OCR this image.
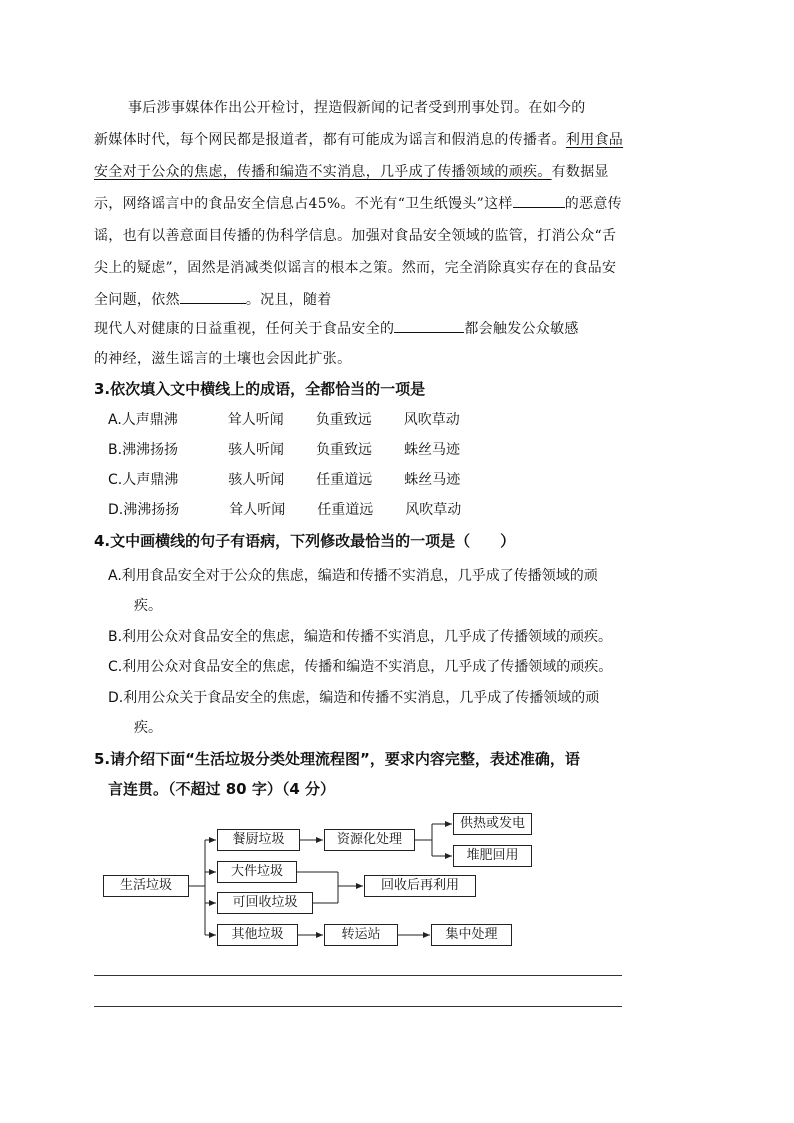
事后涉事媒体作出公开检讨，捏造假新闻的记者受到刑事处罚。在如今的
新媒体时代，每个网民都是报道者，都有可能成为谣言和假消息的传播者。利用食品
安全对于公众的焦虑，传播和编造不实消息，几乎成了传播领域的顽疾。有数据显
示，网络谣言中的食品安全信息占45%。不光有“卫生纸馒头”这样	的恶意传
谣，也有以善意面目传播的伪科学信息。加强对食品安全领域的监管，打消公众“舌
尖上的疑虑”，固然是消减类似谣言的根本之策。然而，完全消除真实存在的食品安
全问题，依然	。况且，随着
现代人对健康的日益重视，任何关于食品安全的	都会触发公众敏感
的神经，滋生谣言的土壤也会因此扩张。
3.依次填入文中横线上的成语，全都恰当的一项是
A.人声鼎沸	耸人听闻 负重致远 风吹草动
B.沸沸扬扬	骇人听闻 负重致远 蛛丝马迹
C.人声鼎沸	骇人听闻 任重道远 蛛丝马迹
D.沸沸扬扬	耸人听闻 任重道远 风吹草动
4.文中画横线的句子有语病，下列修改最恰当的一项是（　　）
A.利用食品安全对于公众的焦虑，编造和传播不实消息，几乎成了传播领域的顽
疾。
B.利用公众对食品安全的焦虑，编造和传播不实消息，几乎成了传播领域的顽疾。
C.利用公众对食品安全的焦虑，传播和编造不实消息，几乎成了传播领域的顽疾。
D.利用公众关于食品安全的焦虑，编造和传播不实消息，几乎成了传播领域的顽
疾。
5.请介绍下面“生活垃圾分类处理流程图”，要求内容完整，表述准确，语
言连贯。（不超过 80 字）（4 分）
生活垃圾
餐厨垃圾
大件垃圾
可回收垃圾
其他垃圾
资源化处理
供热或发电
堆肥回用
回收后再利用
转运站	集中处理
